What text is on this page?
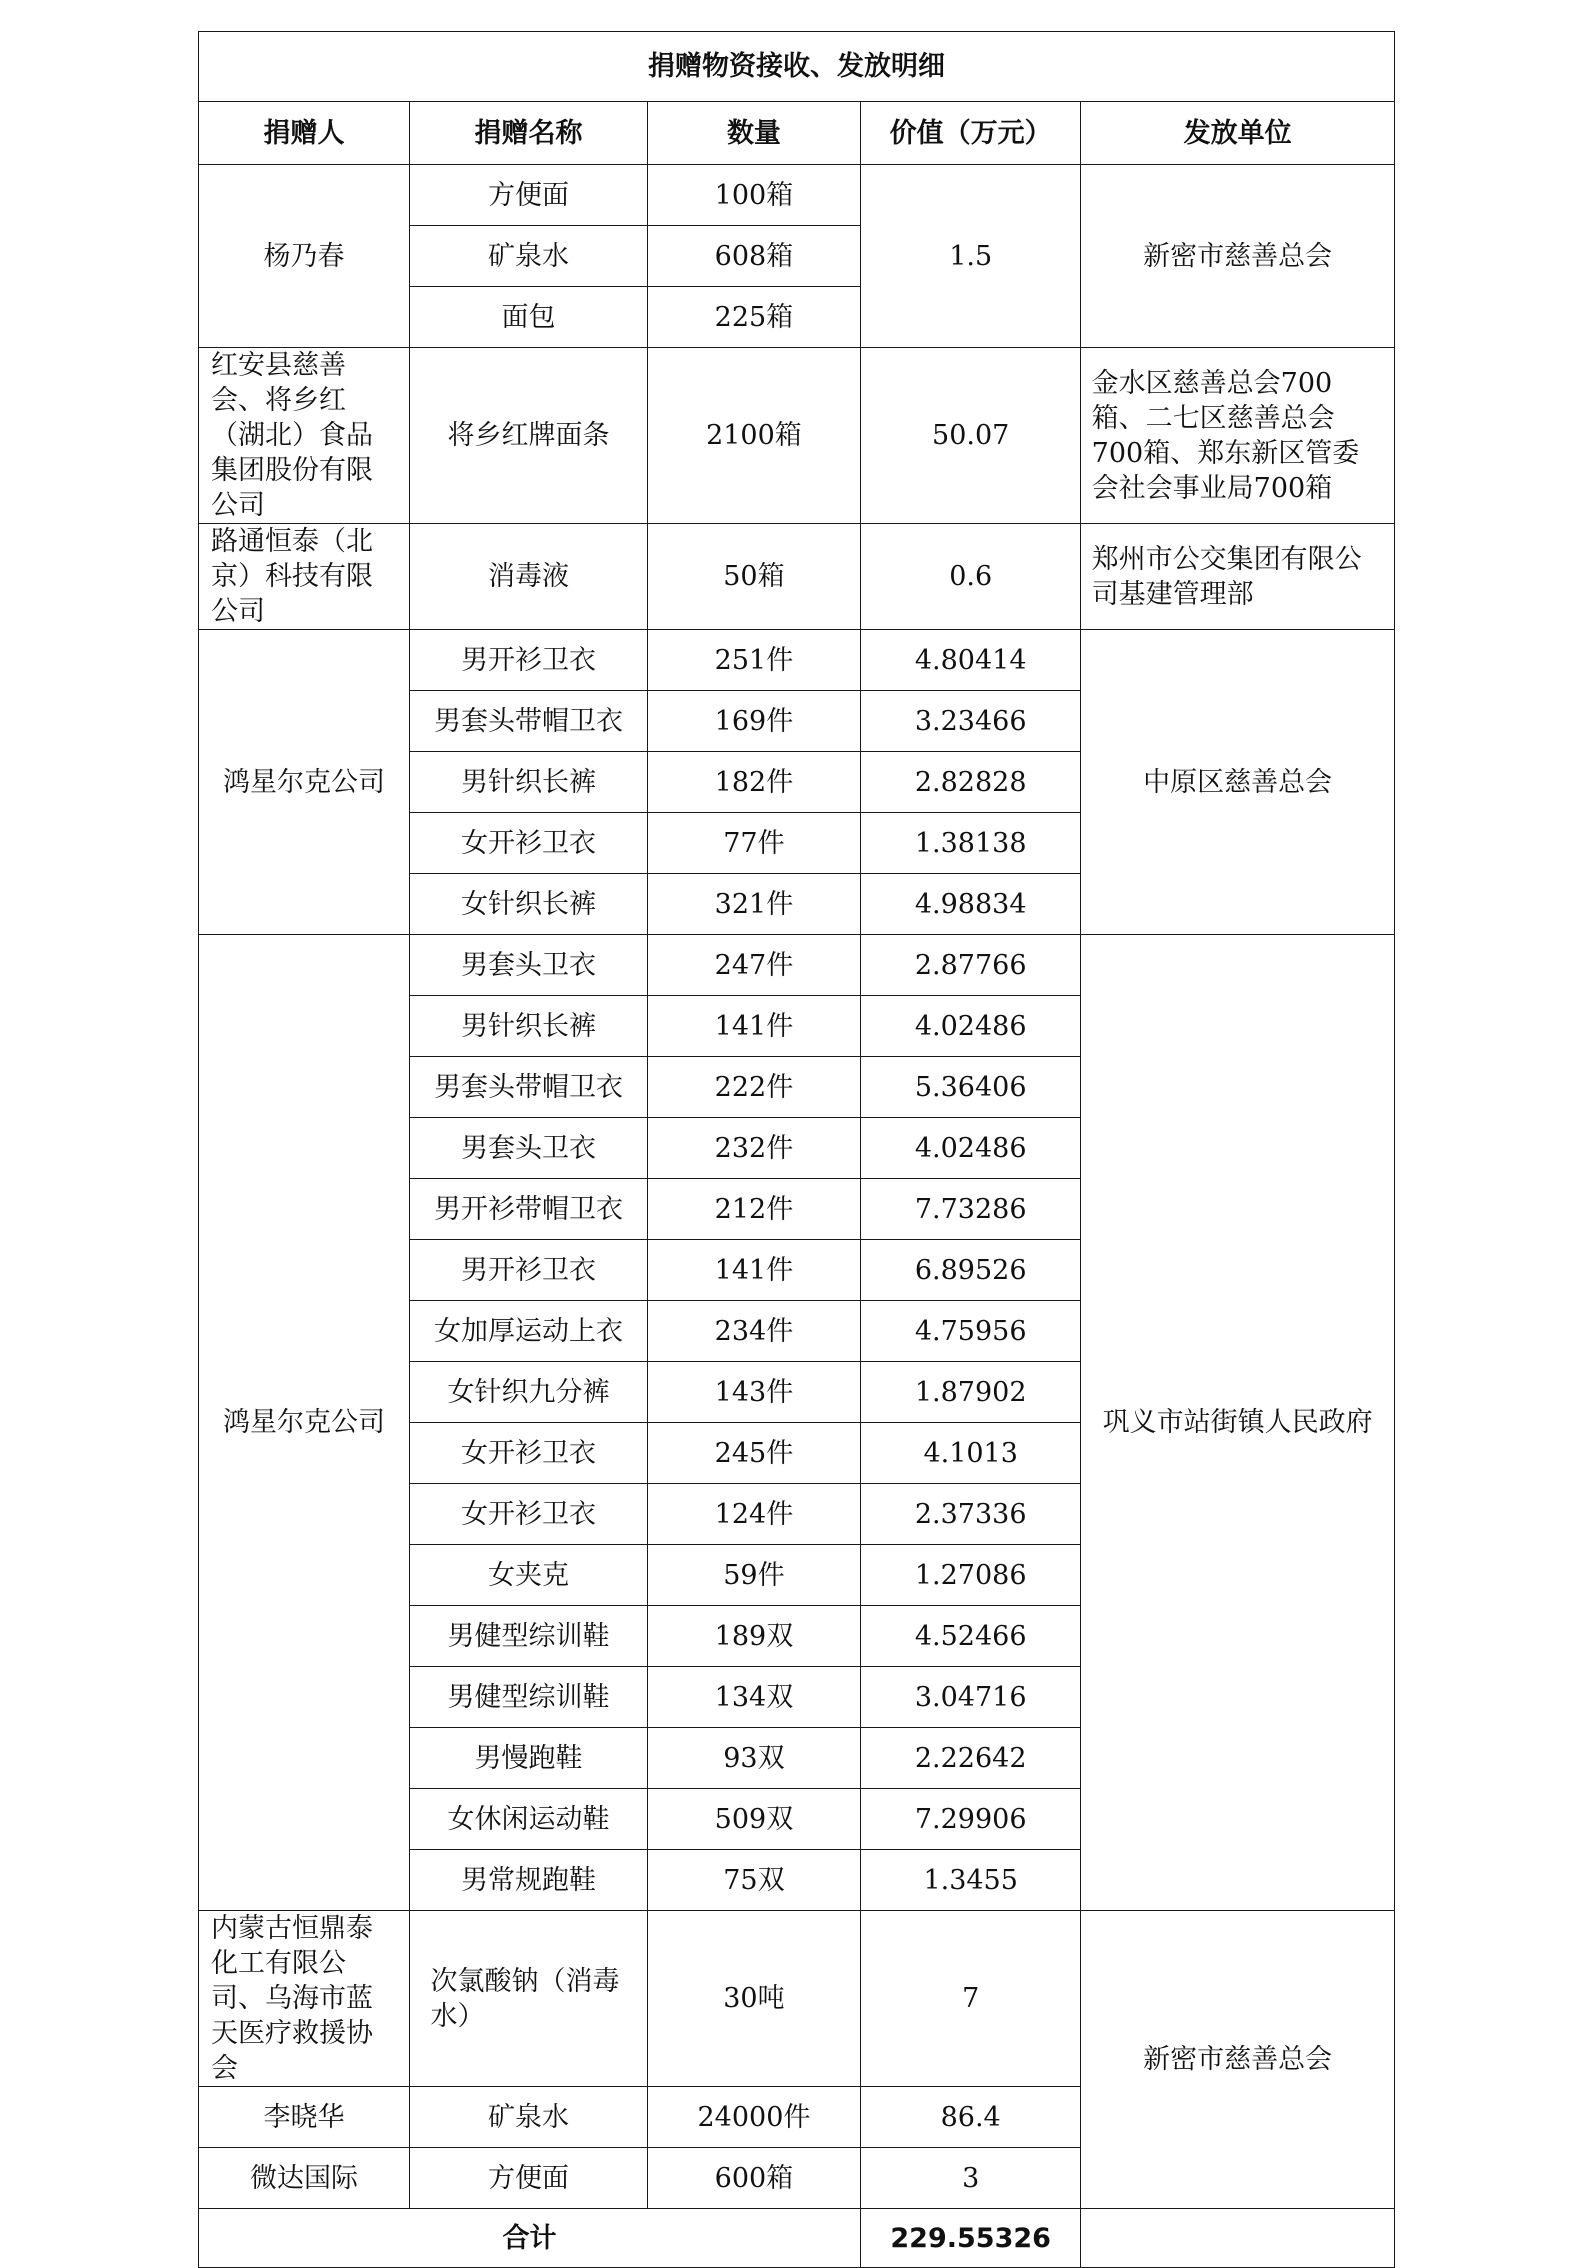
捐赠物资接收、发放明细				
捐赠人	捐赠名称	数量	价值（万元）	发放单位
杨乃春	方便面	100箱	1.5	新密市慈善总会
	矿泉水	608箱		
	面包	225箱		

红安县慈善会、将乡红（湖北）食品集团股份有限公司	将乡红牌面条	2100箱	50.07	金水区慈善总会700箱、二七区慈善总会700箱、郑东新区管委会社会事业局700箱

路通恒泰（北京）科技有限公司	消毒液	50箱	0.6	郑州市公交集团有限公司基建管理部

鸿星尔克公司	男开衫卫衣	251件	4.80414	中原区慈善总会
	男套头带帽卫衣	169件	3.23466	
	男针织长裤	182件	2.82828	
	女开衫卫衣	77件	1.38138	
	女针织长裤	321件	4.98834	
鸿星尔克公司	男套头卫衣	247件	2.87766	巩义市站街镇人民政府
	男针织长裤	141件	4.02486	
	男套头带帽卫衣	222件	5.36406	
	男套头卫衣	232件	4.02486	
	男开衫带帽卫衣	212件	7.73286	
	男开衫卫衣	141件	6.89526	
	女加厚运动上衣	234件	4.75956	
	女针织九分裤	143件	1.87902	
	女开衫卫衣	245件	4.1013	
	女开衫卫衣	124件	2.37336	
	女夹克	59件	1.27086	
	男健型综训鞋	189双	4.52466	
	男健型综训鞋	134双	3.04716	
	男慢跑鞋	93双	2.22642	
	女休闲运动鞋	509双	7.29906	
	男常规跑鞋	75双	1.3455	

内蒙古恒鼎泰化工有限公司、乌海市蓝天医疗救援协会	次氯酸钠（消毒水）	30吨	7	新密市慈善总会
李晓华	矿泉水	24000件	86.4	
微达国际	方便面	600箱	3	
合计			229.55326	
